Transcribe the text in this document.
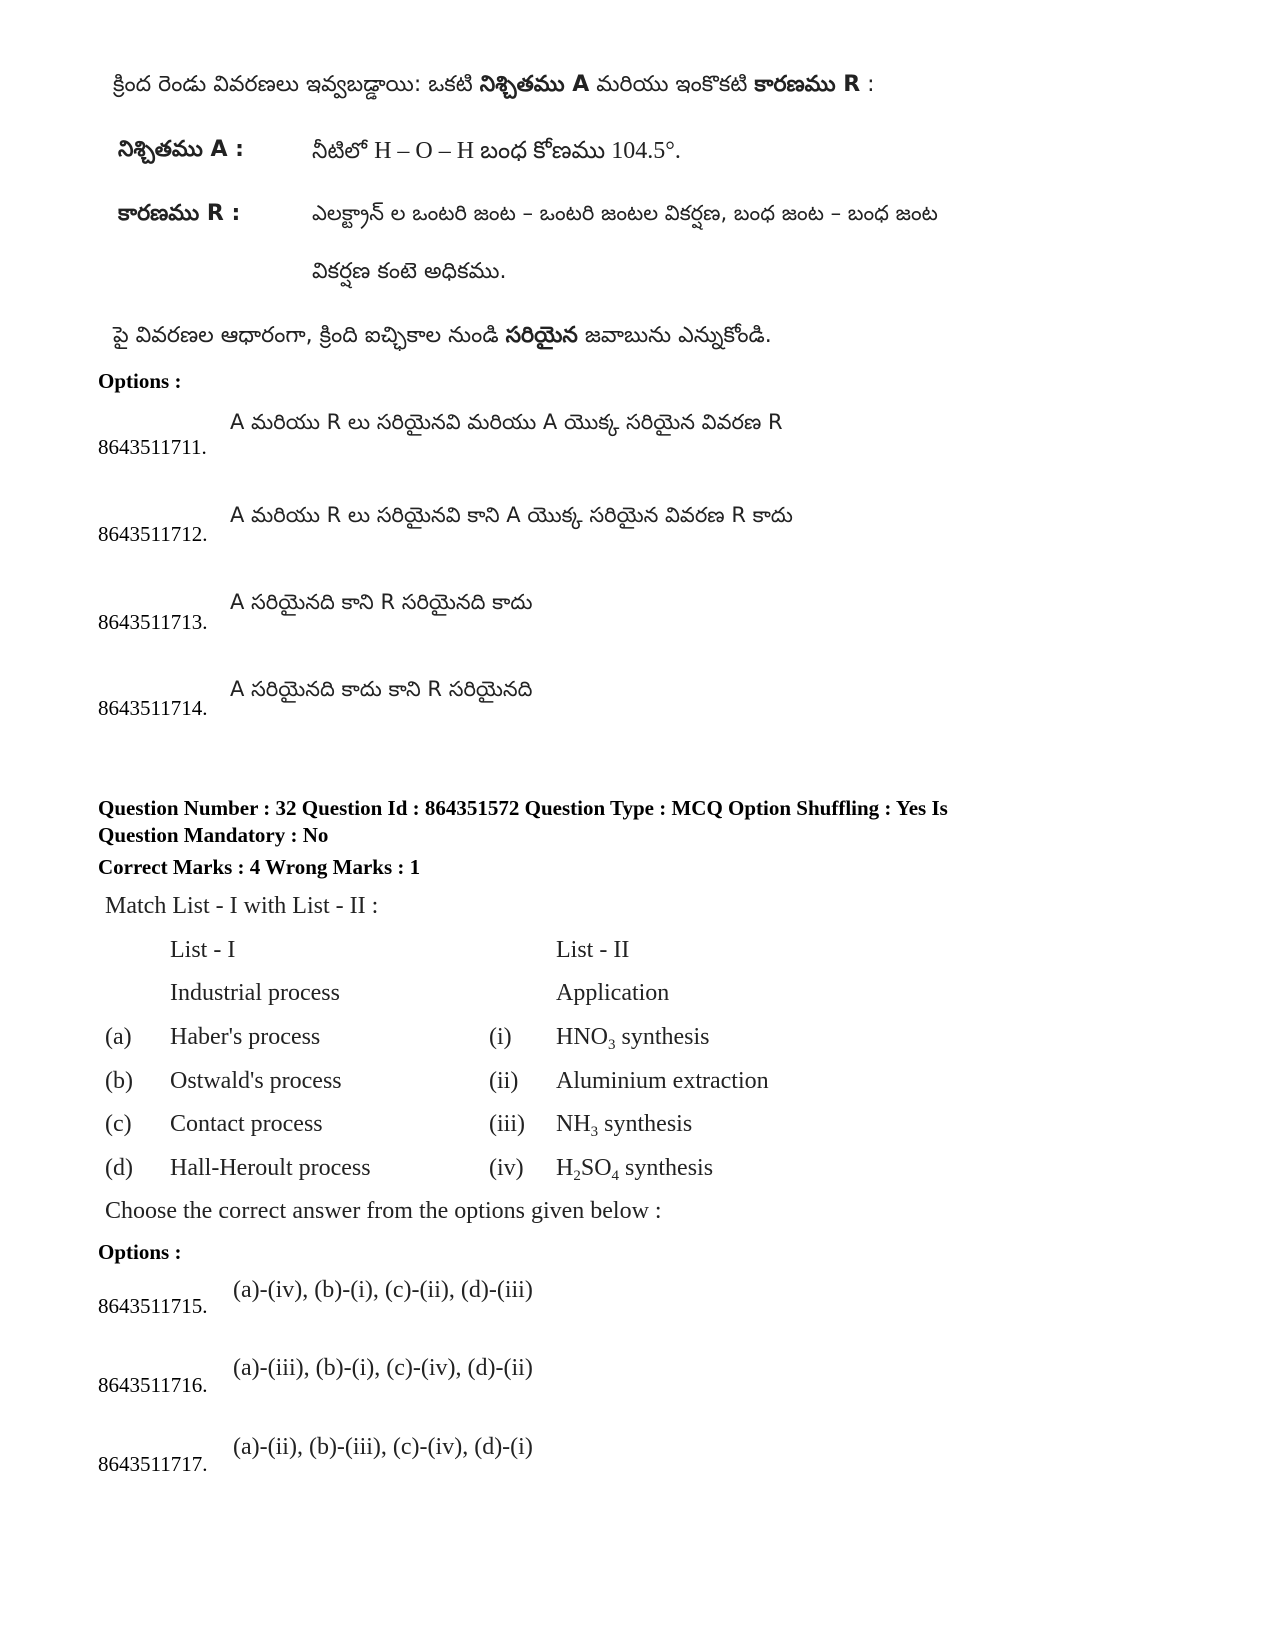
క్రింద రెండు వివరణలు ఇవ్వబడ్డాయి: ఒకటి నిశ్చితము A మరియు ఇంకొకటి కారణము R :
నిశ్చితము A :	నీటిలో H – O – H బంధ కోణము 104.5°.
కారణము R :	ఎలక్ట్రాన్ ల ఒంటరి జంట – ఒంటరి జంటల వికర్షణ, బంధ జంట – బంధ జంట
వికర్షణ కంటె అధికము.
పై వివరణల ఆధారంగా, క్రింది ఐచ్ఛికాల నుండి సరియైన జవాబును ఎన్నుకోండి.
Options :
A మరియు R లు సరియైనవి మరియు A యొక్క సరియైన వివరణ R
8643511711.
A మరియు R లు సరియైనవి కాని A యొక్క సరియైన వివరణ R కాదు
8643511712.
A సరియైనది కాని R సరియైనది కాదు
8643511713.
A సరియైనది కాదు కాని R సరియైనది
8643511714.
Question Number : 32 Question Id : 864351572 Question Type : MCQ Option Shuffling : Yes Is
Question Mandatory : No
Correct Marks : 4 Wrong Marks : 1
Match List - I with List - II :
List - I	List - II
Industrial process	Application
(a) Haber's process	(i) $HNO_3$ synthesis
(b) Ostwald's process	(ii) Aluminium extraction
(c) Contact process	(iii) $NH_3$ synthesis
(d) Hall-Heroult process	(iv) $H_2SO_4$ synthesis
Choose the correct answer from the options given below :
Options :
(a)-(iv), (b)-(i), (c)-(ii), (d)-(iii)
8643511715.
(a)-(iii), (b)-(i), (c)-(iv), (d)-(ii)
8643511716.
(a)-(ii), (b)-(iii), (c)-(iv), (d)-(i)
8643511717.
